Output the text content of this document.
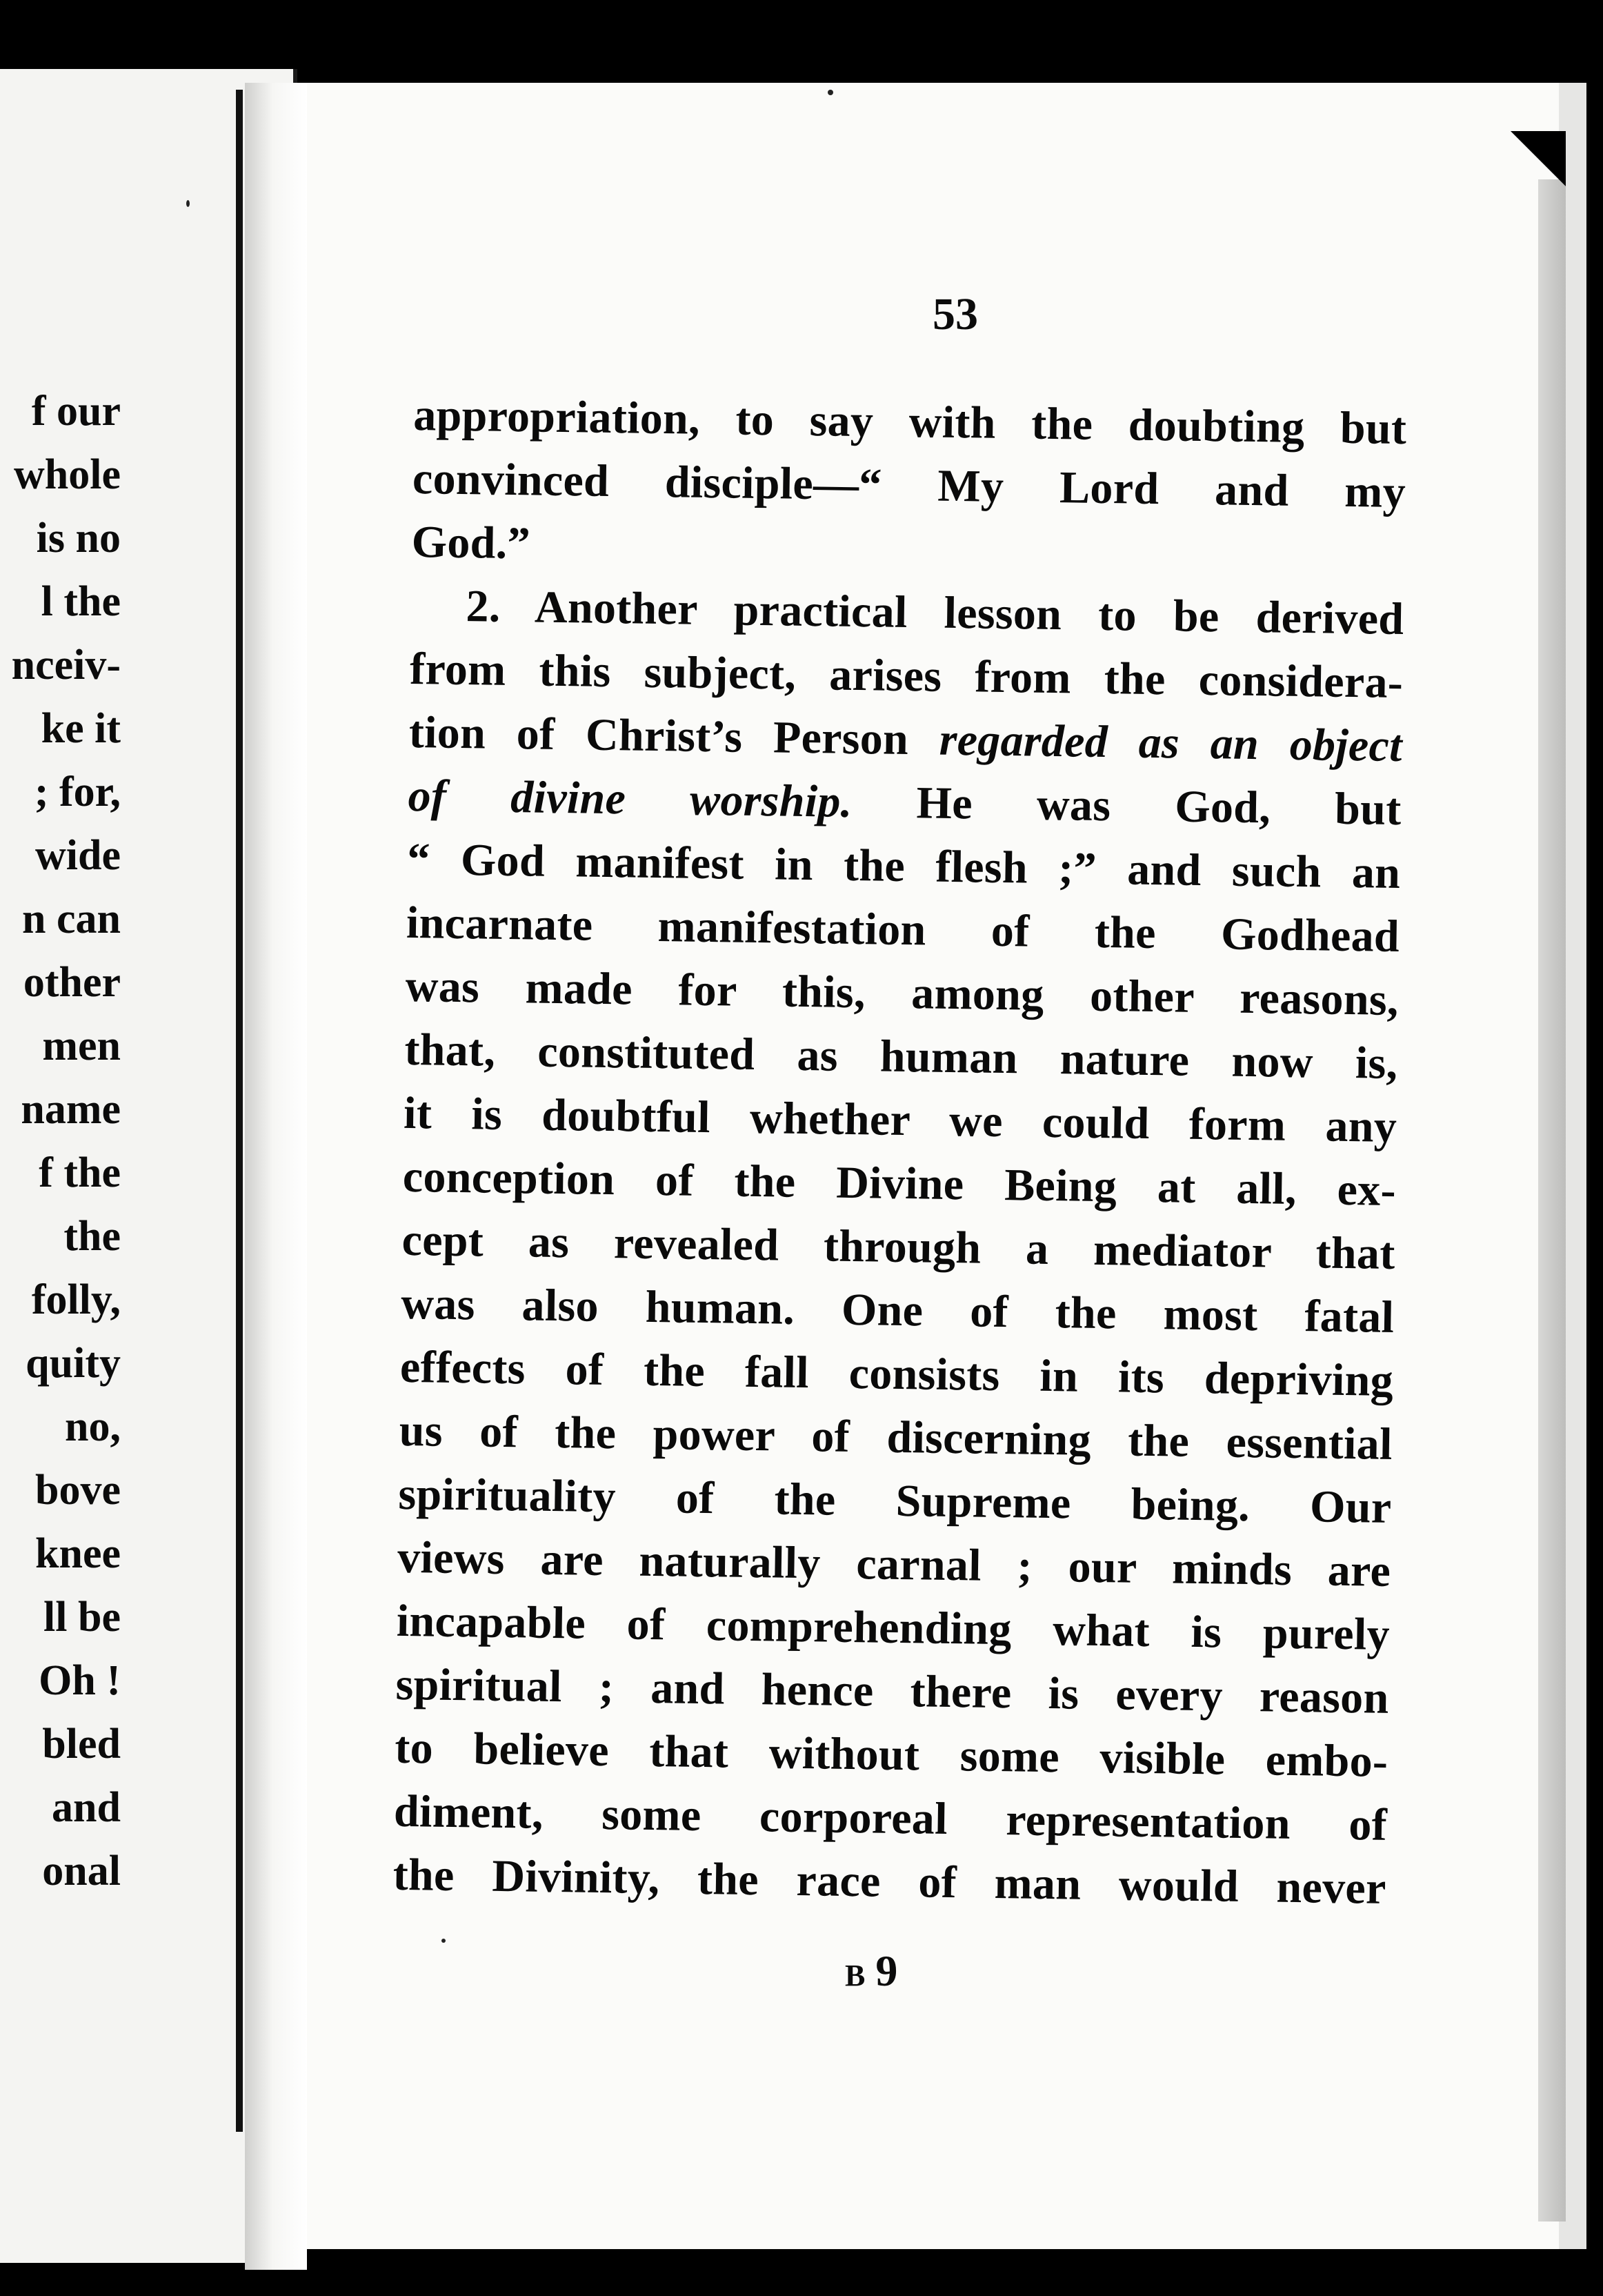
f our
whole
is no
l the
nceiv-
ke it
; for,
wide
n can
other
men
name
f the
the
folly,
quity
no,
bove
knee
ll be
Oh !
bled
and
onal
53
appropriation, to say with the doubting but
convinced disciple—“ My Lord and my
God.”
2. Another practical lesson to be derived
from this subject, arises from the considera-
tion of Christ’s Person regarded as an object
of divine worship. He was God, but
“ God manifest in the flesh ;” and such an
incarnate manifestation of the Godhead
was made for this, among other reasons,
that, constituted as human nature now is,
it is doubtful whether we could form any
conception of the Divine Being at all, ex-
cept as revealed through a mediator that
was also human. One of the most fatal
effects of the fall consists in its depriving
us of the power of discerning the essential
spirituality of the Supreme being. Our
views are naturally carnal ; our minds are
incapable of comprehending what is purely
spiritual ; and hence there is every reason
to believe that without some visible embo-
diment, some corporeal representation of
the Divinity, the race of man would never
B 9
